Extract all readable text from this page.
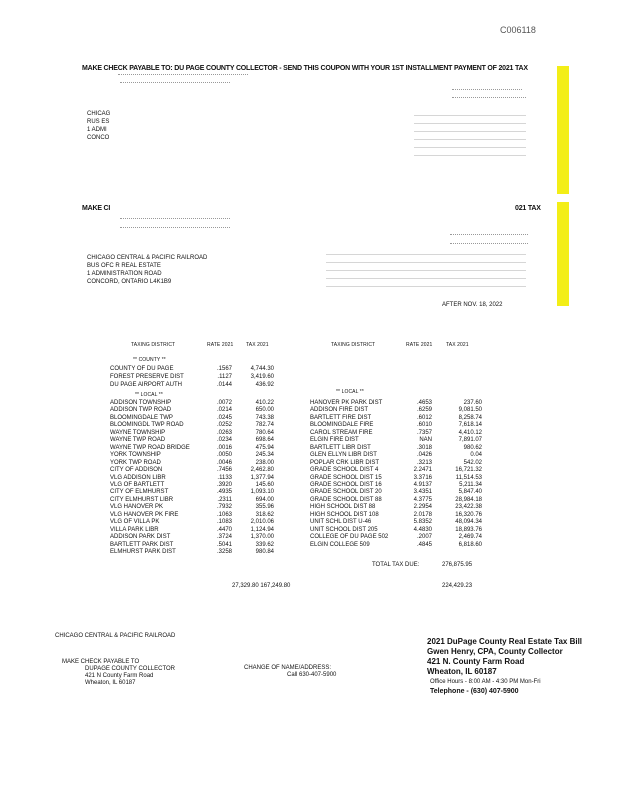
C006118
MAKE CHECK PAYABLE TO: DU PAGE COUNTY COLLECTOR - SEND THIS COUPON WITH YOUR 1ST INSTALLMENT PAYMENT OF 2021 TAX
CHICAG
RUS ES
1 ADMI
CONCO
MAKE CI	021 TAX
CHICAGO CENTRAL & PACIFIC RAILROAD
BUS OFC R REAL ESTATE
1 ADMINISTRATION ROAD
CONCORD, ONTARIO L4K1B9
AFTER NOV. 18, 2022
TAXING DISTRICT	RATE 2021	TAX 2021	TAXING DISTRICT	RATE 2021	TAX 2021
** COUNTY **
** LOCAL **	** LOCAL **
COUNTY OF DU PAGE	.1567	4,744.30
FOREST PRESERVE DIST	.1127	3,419.60
DU PAGE AIRPORT AUTH	.0144	436.92
ADDISON TOWNSHIP	.0072	410.22
ADDISON TWP ROAD	.0214	650.00
BLOOMINGDALE TWP	.0245	743.38
BLOOMINGDL TWP ROAD	.0252	782.74
WAYNE TOWNSHIP	.0263	780.64
WAYNE TWP ROAD	.0234	698.64
WAYNE TWP ROAD BRIDGE	.0016	475.94
YORK TOWNSHIP	.0050	245.34
YORK TWP ROAD	.0046	238.00
CITY OF ADDISON	.7456	2,462.80
VLG ADDISON LIBR	.1133	1,377.94
VLG OF BARTLETT	.3920	145.60
CITY OF ELMHURST	.4935	1,093.10
CITY ELMHURST LIBR	.2311	694.00
VLG HANOVER PK	.7932	355.96
VLG HANOVER PK FIRE	.1063	318.62
VLG OF VILLA PK	.1083	2,010.06
VILLA PARK LIBR	.4470	1,124.94
ADDISON PARK DIST	.3724	1,370.00
BARTLETT PARK DIST	.5041	339.62
ELMHURST PARK DIST	.3258	980.84
HANOVER PK PARK DIST	.4653	237.60
ADDISON FIRE DIST	.6259	9,081.50
BARTLETT FIRE DIST	.6012	8,258.74
BLOOMINGDALE FIRE	.6010	7,618.14
CAROL STREAM FIRE	.7357	4,410.12
ELGIN FIRE DIST	NAN	7,891.07
BARTLETT LIBR DIST	.3018	980.62
GLEN ELLYN LIBR DIST	.0426	0.04
POPLAR CRK LIBR DIST	.3213	542.02
GRADE SCHOOL DIST 4	2.2471	16,721.32
GRADE SCHOOL DIST 15	3.3716	11,514.53
GRADE SCHOOL DIST 16	4.9137	5,211.34
GRADE SCHOOL DIST 20	3.4351	5,847.40
GRADE SCHOOL DIST 88	4.3775	28,984.18
HIGH SCHOOL DIST 88	2.2954	23,422.38
HIGH SCHOOL DIST 108	2.0178	16,320.76
UNIT SCHL DIST U-46	5.8352	48,094.34
UNIT SCHOOL DIST 205	4.4830	18,893.76
COLLEGE OF DU PAGE 502	.2007	2,469.74
ELGIN COLLEGE 509	.4845	6,818.60
TOTAL TAX DUE:	276,875.95
27,329.80 167,249.80	224,429.23
CHICAGO CENTRAL & PACIFIC RAILROAD
MAKE CHECK PAYABLE TO
DUPAGE COUNTY COLLECTOR
421 N County Farm Road
Wheaton, IL 60187
CHANGE OF NAME/ADDRESS:
Call 630-407-5900
2021 DuPage County Real Estate Tax Bill
Gwen Henry, CPA, County Collector
421 N. County Farm Road
Wheaton, IL 60187
Office Hours - 8:00 AM - 4:30 PM Mon-Fri
Telephone - (630) 407-5900
